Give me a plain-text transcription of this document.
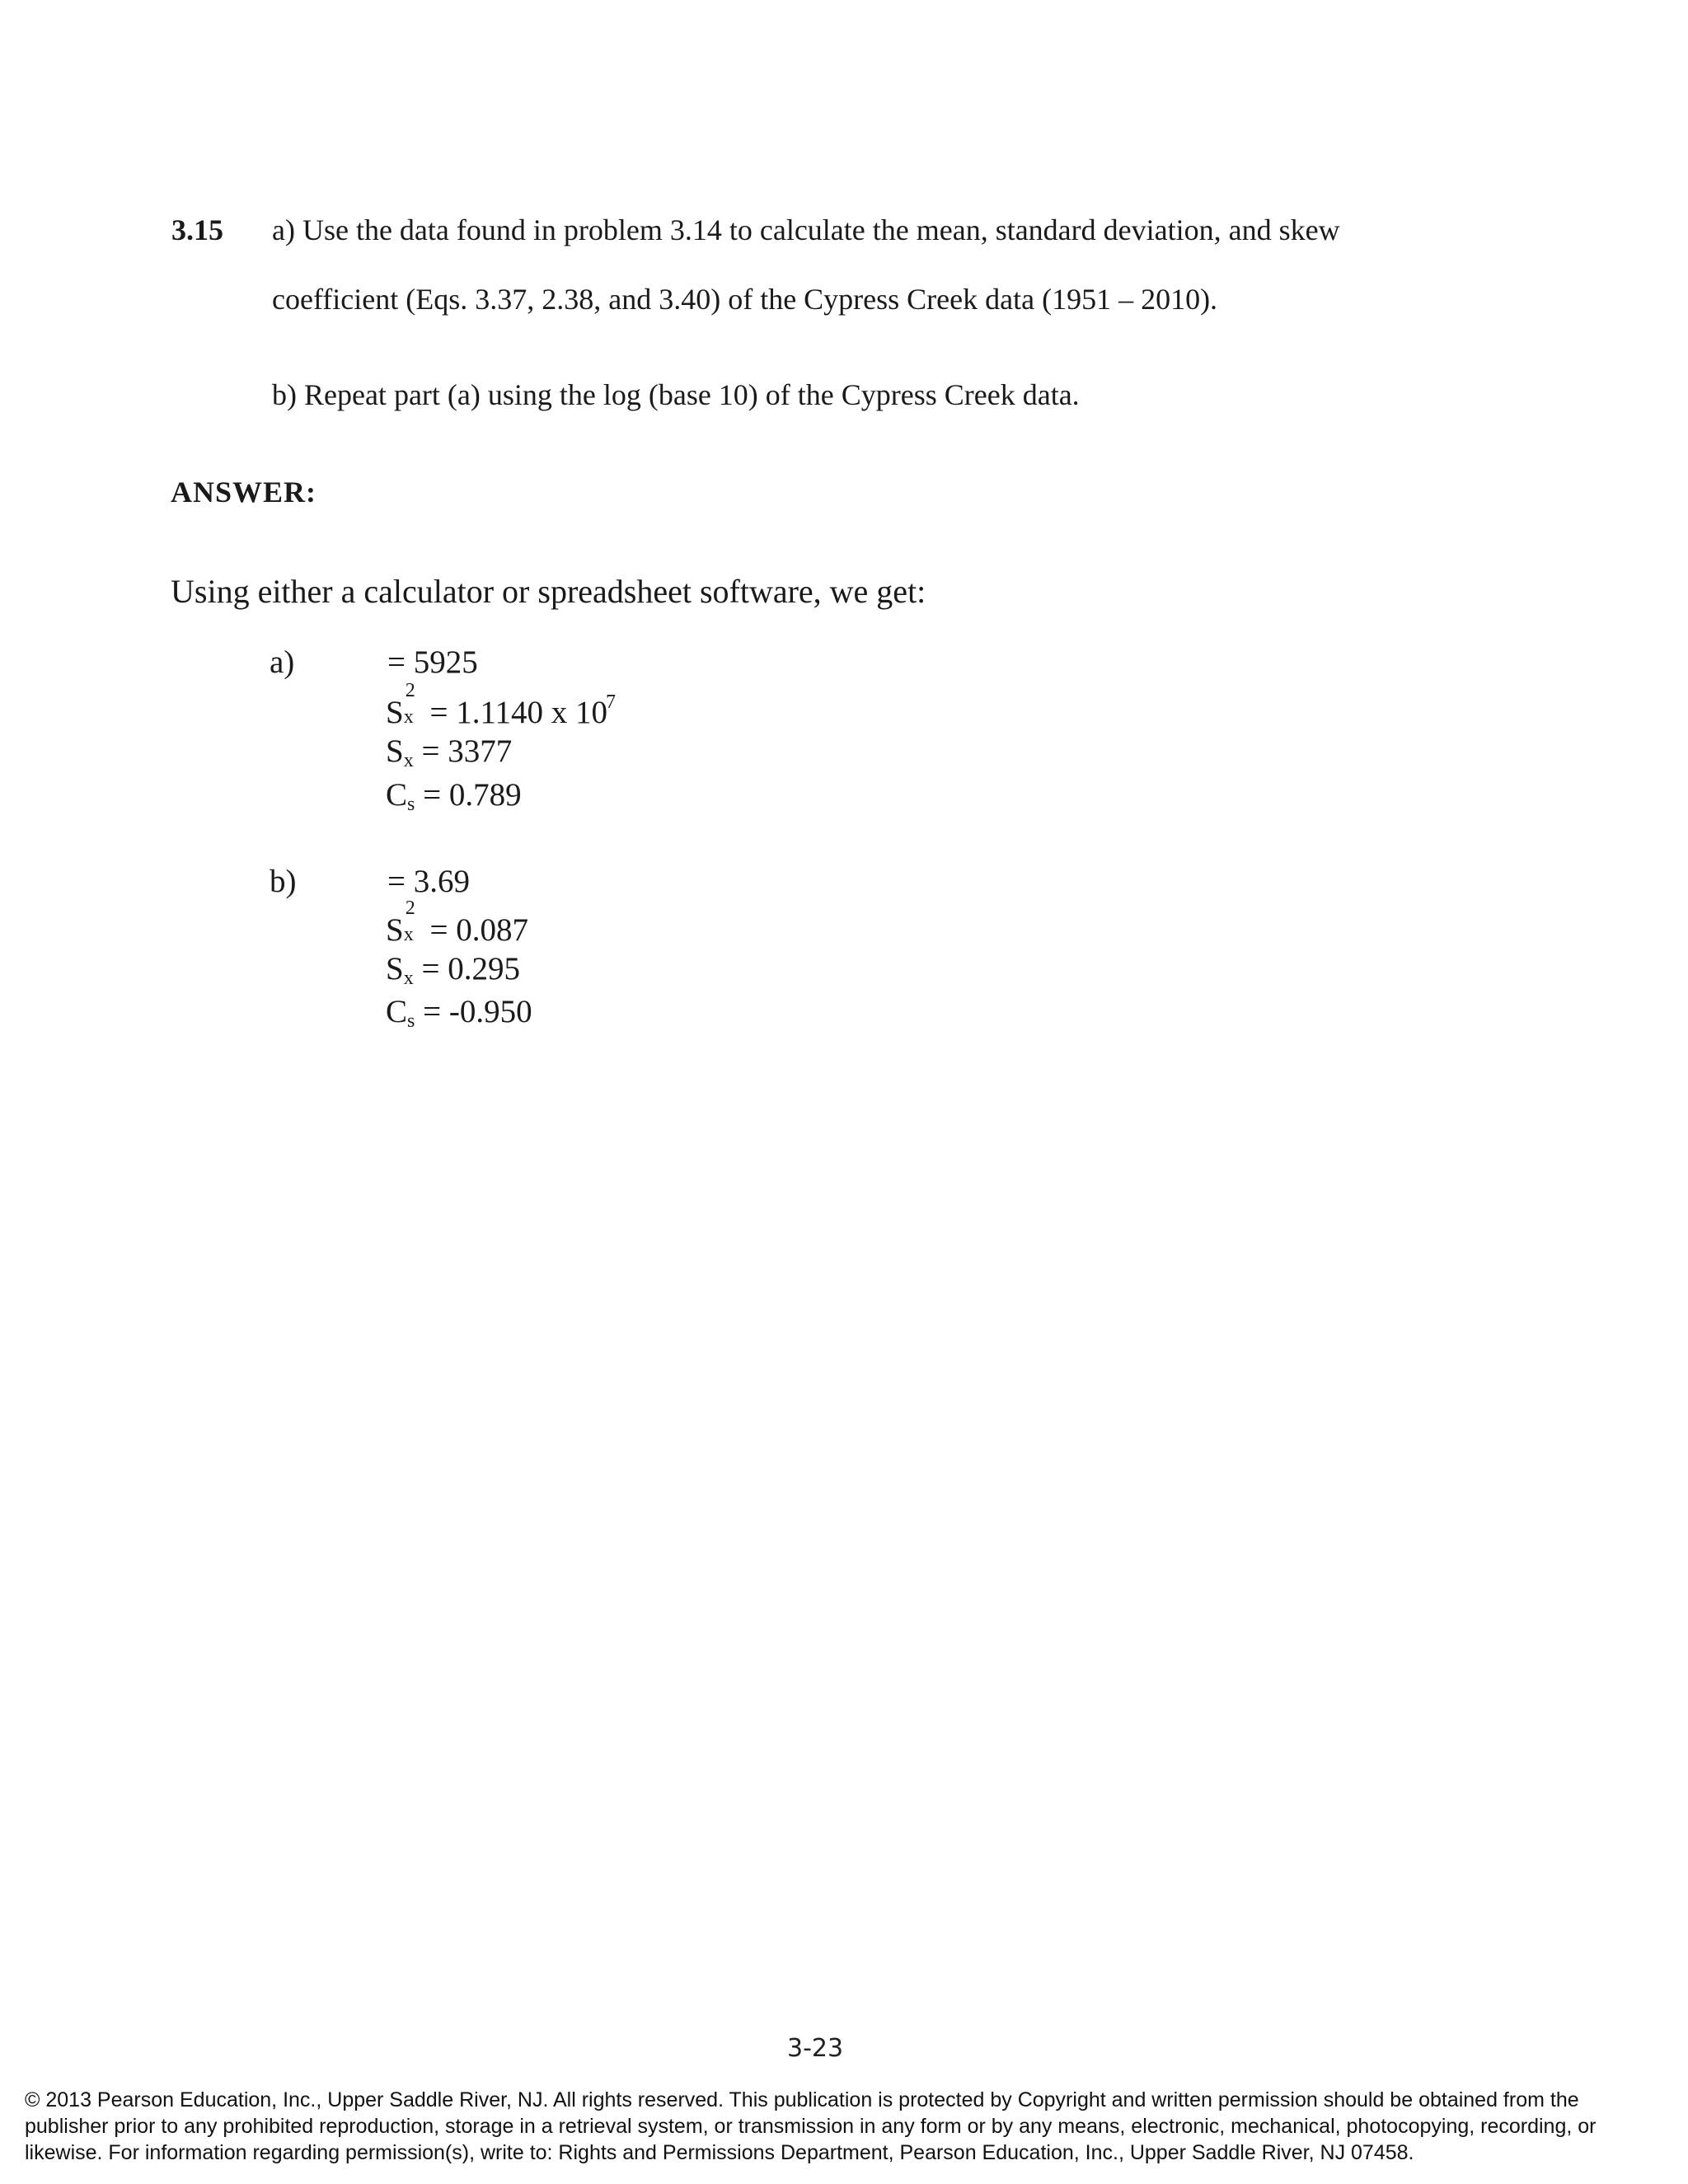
3.15 a) Use the data found in problem 3.14 to calculate the mean, standard deviation, and skew
coefficient (Eqs. 3.37, 2.38, and 3.40) of the Cypress Creek data (1951 – 2010).
b) Repeat part (a) using the log (base 10) of the Cypress Creek data.
ANSWER:
Using either a calculator or spreadsheet software, we get:
a)	= 5925
S
2
x = 1.1140 x $10^7$
$S_x = 3377$
$C_s = 0.789$
b)	= 3.69
S
2
x = 0.087
$S_x = 0.295$
$C_s = -0.950$
3-23
© 2013 Pearson Education, Inc., Upper Saddle River, NJ. All rights reserved. This publication is protected by Copyright and written permission should be obtained from the publisher prior to any prohibited reproduction, storage in a retrieval system, or transmission in any form or by any means, electronic, mechanical, photocopying, recording, or likewise. For information regarding permission(s), write to: Rights and Permissions Department, Pearson Education, Inc., Upper Saddle River, NJ 07458.
